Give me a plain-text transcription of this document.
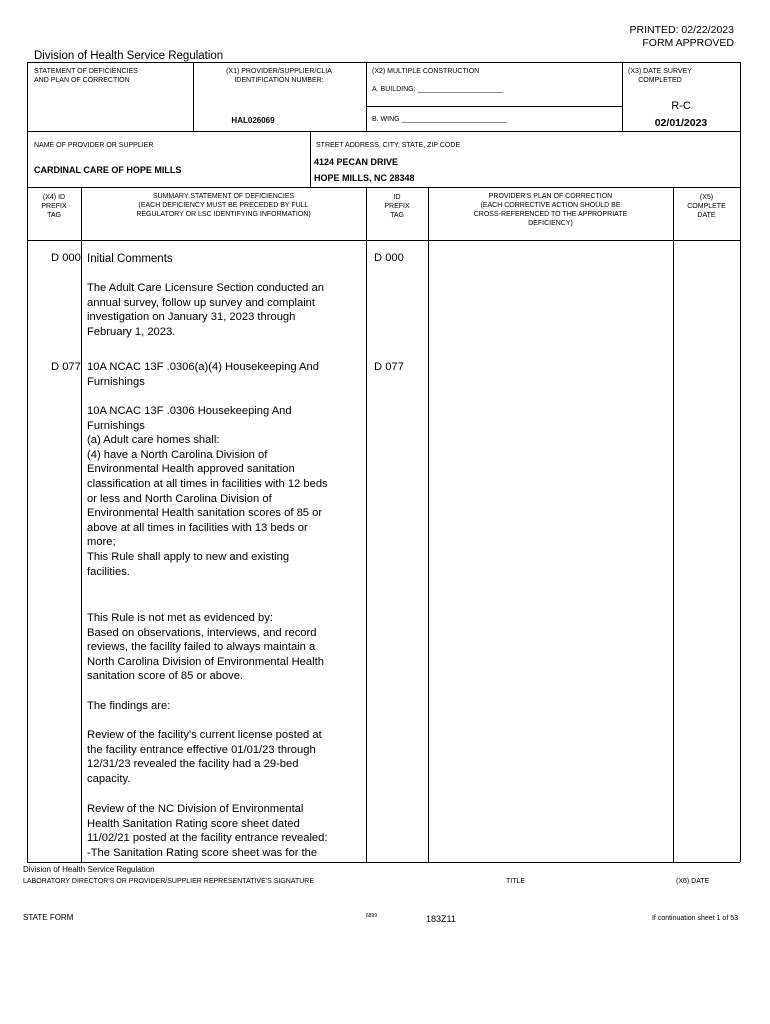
PRINTED: 02/22/2023
FORM APPROVED
Division of Health Service Regulation
STATEMENT OF DEFICIENCIES
AND PLAN OF CORRECTION
(X1) PROVIDER/SUPPLIER/CLIA
IDENTIFICATION NUMBER:
HAL026069
(X2) MULTIPLE CONSTRUCTION
A. BUILDING: ______________________
B. WING ___________________________
(X3) DATE SURVEY
COMPLETED
R-C
02/01/2023
NAME OF PROVIDER OR SUPPLIER
CARDINAL CARE OF HOPE MILLS
STREET ADDRESS, CITY, STATE, ZIP CODE
4124 PECAN DRIVE
HOPE MILLS, NC 28348
(X4) ID
PREFIX
TAG
SUMMARY STATEMENT OF DEFICIENCIES
(EACH DEFICIENCY MUST BE PRECEDED BY FULL
REGULATORY OR LSC IDENTIFYING INFORMATION)
ID
PREFIX
TAG
PROVIDER'S PLAN OF CORRECTION
(EACH CORRECTIVE ACTION SHOULD BE
CROSS-REFERENCED TO THE APPROPRIATE
DEFICIENCY)
(X5)
COMPLETE
DATE
D 000	D 000
Initial Comments
The Adult Care Licensure Section conducted an
annual survey, follow up survey and complaint
investigation on January 31, 2023 through
February 1, 2023.
D 077	D 077
10A NCAC 13F .0306(a)(4) Housekeeping And
Furnishings
10A NCAC 13F .0306 Housekeeping And
Furnishings
(a) Adult care homes shall:
(4) have a North Carolina Division of
Environmental Health approved sanitation
classification at all times in facilities with 12 beds
or less and North Carolina Division of
Environmental Health sanitation scores of 85 or
above at all times in facilities with 13 beds or
more;
This Rule shall apply to new and existing
facilities.
This Rule is not met as evidenced by:
Based on observations, interviews, and record
reviews, the facility failed to always maintain a
North Carolina Division of Environmental Health
sanitation score of 85 or above.
The findings are:
Review of the facility's current license posted at
the facility entrance effective 01/01/23 through
12/31/23 revealed the facility had a 29-bed
capacity.
Review of the NC Division of Environmental
Health Sanitation Rating score sheet dated
11/02/21 posted at the facility entrance revealed:
-The Sanitation Rating score sheet was for the
Division of Health Service Regulation
LABORATORY DIRECTOR'S OR PROVIDER/SUPPLIER REPRESENTATIVE'S SIGNATURE	TITLE	(X6) DATE
STATE FORM	6899	183Z11	If continuation sheet 1 of 53
